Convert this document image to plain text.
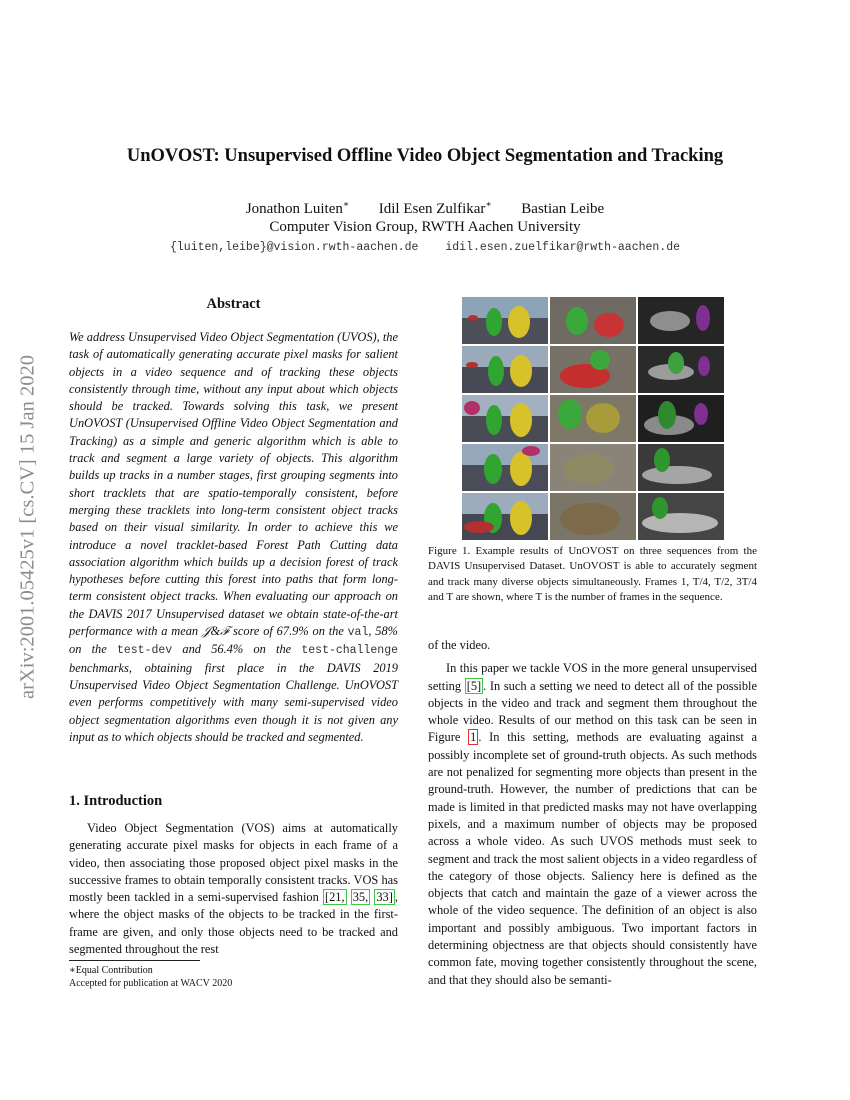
UnOVOST: Unsupervised Offline Video Object Segmentation and Tracking
Jonathon Luiten∗ Idil Esen Zulfikar∗ Bastian Leibe
Computer Vision Group, RWTH Aachen University
{luiten,leibe}@vision.rwth-aachen.de idil.esen.zuelfikar@rwth-aachen.de
arXiv:2001.05425v1 [cs.CV] 15 Jan 2020
Abstract
We address Unsupervised Video Object Segmentation (UVOS), the task of automatically generating accurate pixel masks for salient objects in a video sequence and of tracking these objects consistently through time, without any input about which objects should be tracked. Towards solving this task, we present UnOVOST (Unsupervised Offline Video Object Segmentation and Tracking) as a simple and generic algorithm which is able to track and segment a large variety of objects. This algorithm builds up tracks in a number stages, first grouping segments into short tracklets that are spatio-temporally consistent, before merging these tracklets into long-term consistent object tracks based on their visual similarity. In order to achieve this we introduce a novel tracklet-based Forest Path Cutting data association algorithm which builds up a decision forest of track hypotheses before cutting this forest into paths that form long-term consistent object tracks. When evaluating our approach on the DAVIS 2017 Unsupervised dataset we obtain state-of-the-art performance with a mean 𝒥&ℱ score of 67.9% on the val, 58% on the test-dev and 56.4% on the test-challenge benchmarks, obtaining first place in the DAVIS 2019 Unsupervised Video Object Segmentation Challenge. UnOVOST even performs competitively with many semi-supervised video object segmentation algorithms even though it is not given any input as to which objects should be tracked and segmented.
1. Introduction
Video Object Segmentation (VOS) aims at automatically generating accurate pixel masks for objects in each frame of a video, then associating those proposed object pixel masks in the successive frames to obtain temporally consistent tracks. VOS has mostly been tackled in a semi-supervised fashion [21, 35, 33] , where the object masks of the objects to be tracked in the first-frame are given, and only those objects need to be tracked and segmented throughout the rest
∗Equal Contribution
Accepted for publication at WACV 2020
Figure 1. Example results of UnOVOST on three sequences from the DAVIS Unsupervised Dataset. UnOVOST is able to accurately segment and track many diverse objects simultaneously. Frames 1, T/4, T/2, 3T/4 and T are shown, where T is the number of frames in the sequence.

of the video.

In this paper we tackle VOS in the more general unsupervised setting [5] . In such a setting we need to detect all of the possible objects in the video and track and segment them throughout the whole video. Results of our method on this task can be seen in Figure 1 . In this setting, methods are evaluating against a possibly incomplete set of ground-truth objects. As such methods are not penalized for segmenting more objects than present in the ground-truth. However, the number of predictions that can be made is limited in that predicted masks may not have overlapping pixels, and a maximum number of objects may be proposed across a whole video. As such UVOS methods must seek to segment and track the most salient objects in a video regardless of the category of those objects. Saliency here is defined as the objects that catch and maintain the gaze of a viewer across the whole of the video sequence. The definition of an object is also important and possibly ambiguous. Two important factors in determining objectness are that objects should consistently have common fate, moving together consistently throughout the scene, and that they should also be semanti-
